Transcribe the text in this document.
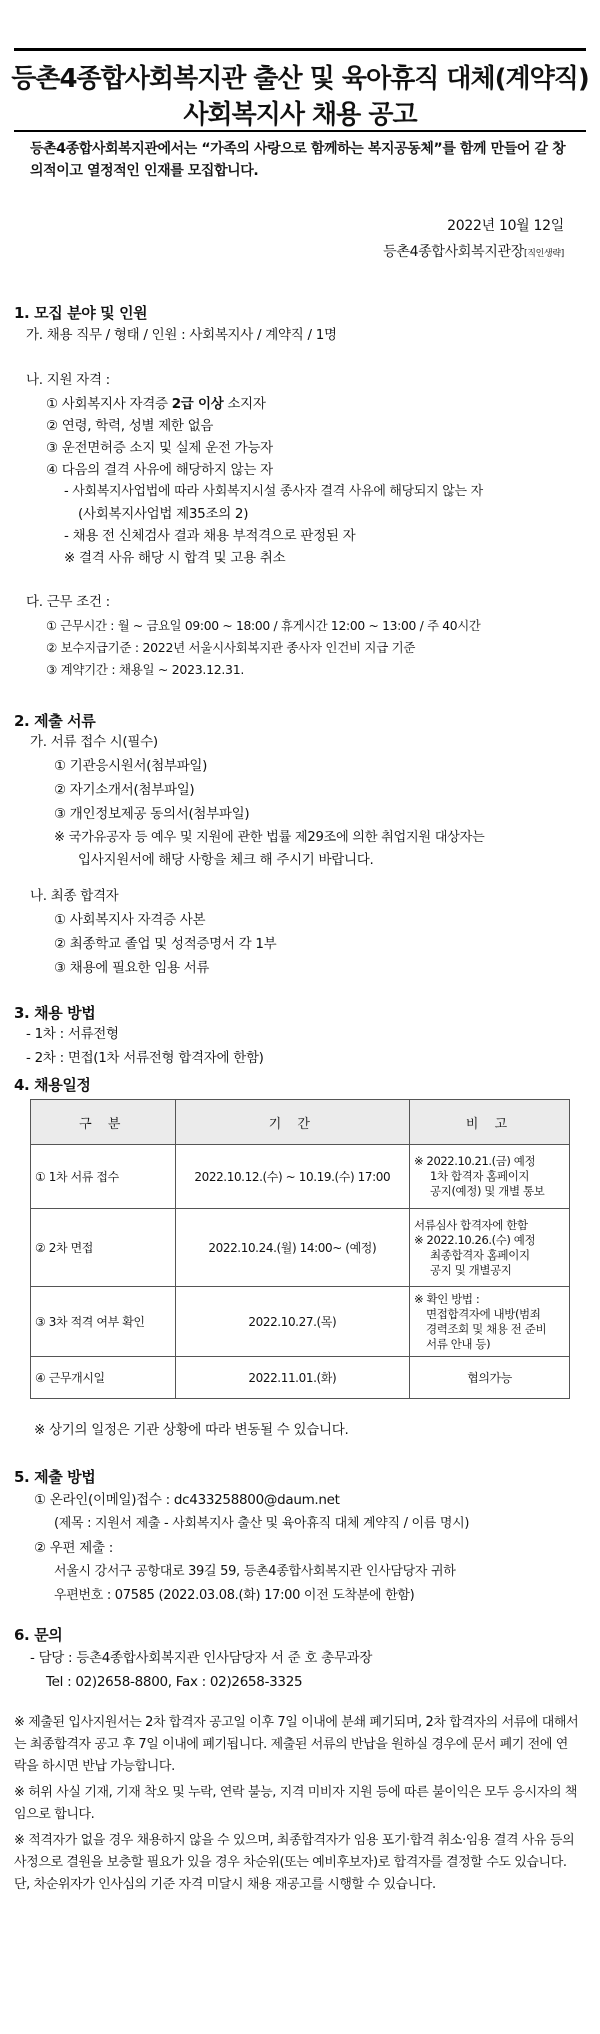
등촌4종합사회복지관 출산 및 육아휴직 대체(계약직)
사회복지사 채용 공고
등촌4종합사회복지관에서는 “가족의 사랑으로 함께하는 복지공동체”를 함께 만들어 갈 창의적이고 열정적인 인재를 모집합니다.
2022년 10월 12일
등촌4종합사회복지관장[직인생략]
1. 모집 분야 및 인원
가. 채용 직무 / 형태 / 인원 : 사회복지사 / 계약직 / 1명
나. 지원 자격 :
① 사회복지사 자격증 2급 이상 소지자
② 연령, 학력, 성별 제한 없음
③ 운전면허증 소지 및 실제 운전 가능자
④ 다음의 결격 사유에 해당하지 않는 자
- 사회복지사업법에 따라 사회복지시설 종사자 결격 사유에 해당되지 않는 자
(사회복지사업법 제35조의 2)
- 채용 전 신체검사 결과 채용 부적격으로 판정된 자
※ 결격 사유 해당 시 합격 및 고용 취소
다. 근무 조건 :
① 근무시간 : 월 ~ 금요일 09:00 ~ 18:00 / 휴게시간 12:00 ~ 13:00 / 주 40시간
② 보수지급기준 : 2022년 서울시사회복지관 종사자 인건비 지급 기준
③ 계약기간 : 채용일 ~ 2023.12.31.
2. 제출 서류
가. 서류 접수 시(필수)
① 기관응시원서(첨부파일)
② 자기소개서(첨부파일)
③ 개인정보제공 동의서(첨부파일)
※ 국가유공자 등 예우 및 지원에 관한 법률 제29조에 의한 취업지원 대상자는
입사지원서에 해당 사항을 체크 해 주시기 바랍니다.
나. 최종 합격자
① 사회복지사 자격증 사본
② 최종학교 졸업 및 성적증명서 각 1부
③ 채용에 필요한 임용 서류
3. 채용 방법
- 1차 : 서류전형
- 2차 : 면접(1차 서류전형 합격자에 한함)
4. 채용일정
구 분	기 간	비 고
① 1차 서류 접수	2022.10.12.(수) ~ 10.19.(수) 17:00	※ 2022.10.21.(금) 예정
1차 합격자 홈페이지
공지(예정) 및 개별 통보

② 2차 면접	2022.10.24.(월) 14:00~ (예정)	서류심사 합격자에 한함
※ 2022.10.26.(수) 예정
최종합격자 홈페이지
공지 및 개별공지

③ 3차 적격 여부 확인	2022.10.27.(목)	※ 확인 방법 :
면접합격자에 내방(범죄
경력조회 및 채용 전 준비
서류 안내 등)

④ 근무개시일	2022.11.01.(화)	협의가능
※ 상기의 일정은 기관 상황에 따라 변동될 수 있습니다.
5. 제출 방법
① 온라인(이메일)접수 : dc433258800@daum.net
(제목 : 지원서 제출 - 사회복지사 출산 및 육아휴직 대체 계약직 / 이름 명시)
② 우편 제출 :
서울시 강서구 공항대로 39길 59, 등촌4종합사회복지관 인사담당자 귀하
우편번호 : 07585 (2022.03.08.(화) 17:00 이전 도착분에 한함)
6. 문의
- 담당 : 등촌4종합사회복지관 인사담당자 서 준 호 총무과장
Tel : 02)2658-8800, Fax : 02)2658-3325
※ 제출된 입사지원서는 2차 합격자 공고일 이후 7일 이내에 분쇄 폐기되며, 2차 합격자의 서류에 대해서는 최종합격자 공고 후 7일 이내에 폐기됩니다. 제출된 서류의 반납을 원하실 경우에 문서 폐기 전에 연락을 하시면 반납 가능합니다.
※ 허위 사실 기재, 기재 착오 및 누락, 연락 불능, 지격 미비자 지원 등에 따른 불이익은 모두 응시자의 책임으로 합니다.
※ 적격자가 없을 경우 채용하지 않을 수 있으며, 최종합격자가 임용 포기·합격 취소·임용 결격 사유 등의 사정으로 결원을 보충할 필요가 있을 경우 차순위(또는 예비후보자)로 합격자를 결정할 수도 있습니다. 단, 차순위자가 인사심의 기준 자격 미달시 채용 재공고를 시행할 수 있습니다.
